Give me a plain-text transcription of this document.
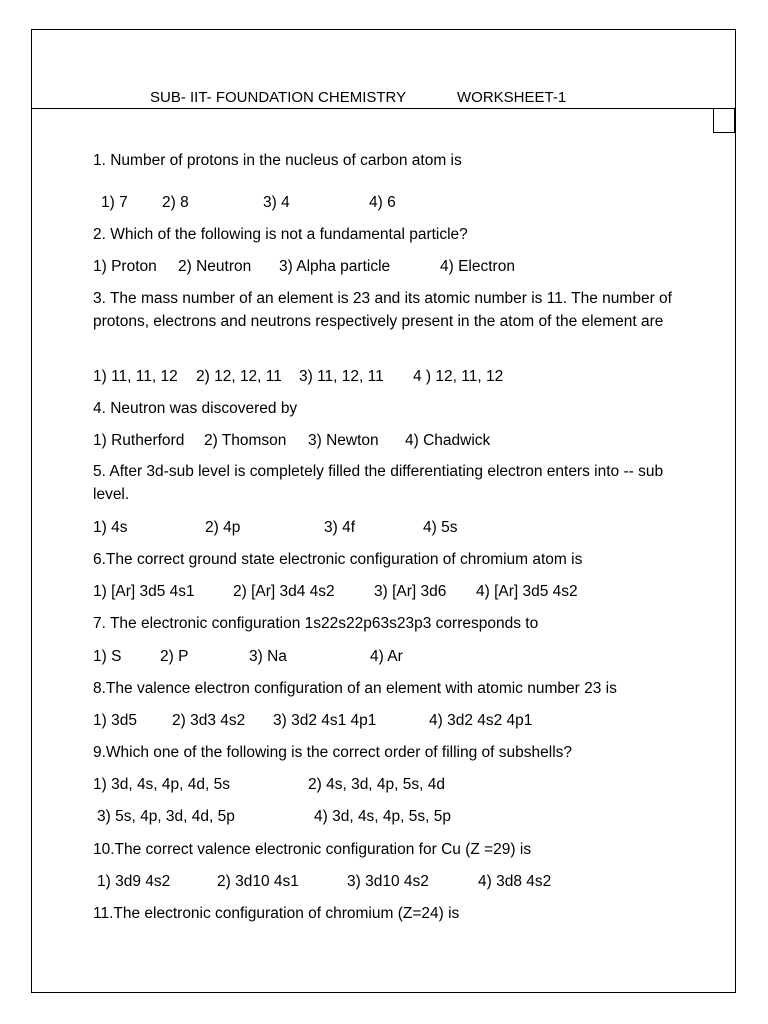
SUB- IIT- FOUNDATION CHEMISTRY	WORKSHEET-1
1. Number of protons in the nucleus of carbon atom is
1) 7 2) 8	3) 4	4) 6
2. Which of the following is not a fundamental particle?
1) Proton 2) Neutron 3) Alpha particle	4) Electron
3. The mass number of an element is 23 and its atomic number is 11. The number of protons, electrons and neutrons respectively present in the atom of the element are
1) 11, 11, 12 2) 12, 12, 11 3) 11, 12, 11 4 ) 12, 11, 12
4. Neutron was discovered by
1) Rutherford 2) Thomson 3) Newton 4) Chadwick
5. After 3d-sub level is completely filled the differentiating electron enters into -- sub level.
1) 4s	2) 4p	3) 4f	4) 5s
6.The correct ground state electronic configuration of chromium atom is
1) [Ar] 3d5 4s1 2) [Ar] 3d4 4s2	3) [Ar] 3d6 4) [Ar] 3d5 4s2
7. The electronic configuration 1s22s22p63s23p3 corresponds to
1) S 2) P	3) Na	4) Ar
8.The valence electron configuration of an element with atomic number 23 is
1) 3d5 2) 3d3 4s2 3) 3d2 4s1 4p1	4) 3d2 4s2 4p1
9.Which one of the following is the correct order of filling of subshells?
1) 3d, 4s, 4p, 4d, 5s	2) 4s, 3d, 4p, 5s, 4d
3) 5s, 4p, 3d, 4d, 5p	4) 3d, 4s, 4p, 5s, 5p
10.The correct valence electronic configuration for Cu (Z =29) is
1) 3d9 4s2	2) 3d10 4s1	3) 3d10 4s2	4) 3d8 4s2
11.The electronic configuration of chromium (Z=24) is
